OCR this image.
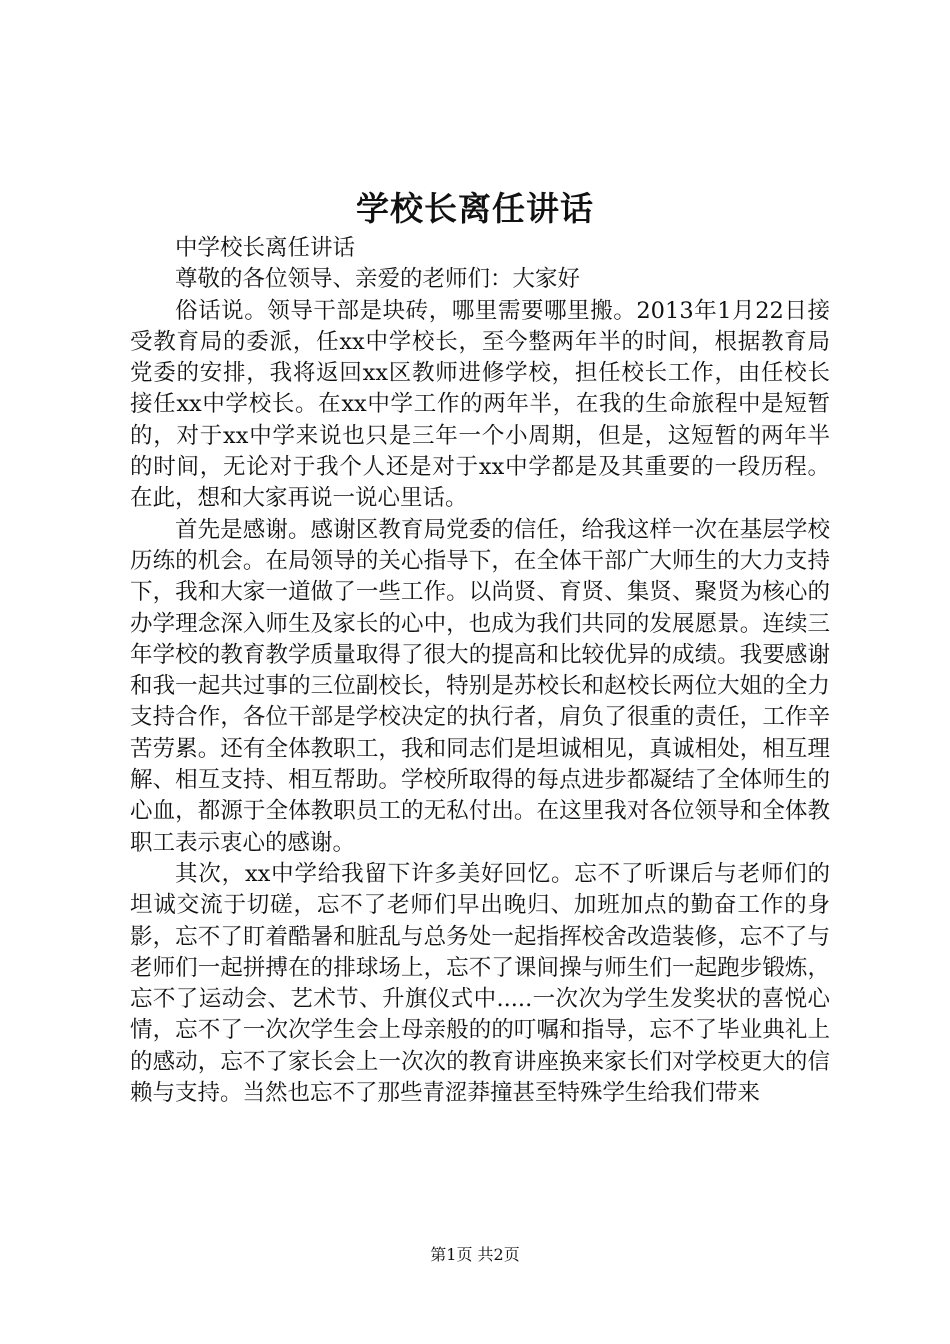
学校长离任讲话

中学校长离任讲话

尊敬的各位领导、亲爱的老师们：大家好

俗话说。领导干部是块砖，哪里需要哪里搬。2013年1月22日接受教育局的委派，任xx中学校长，至今整两年半的时间，根据教育局党委的安排，我将返回xx区教师进修学校，担任校长工作，由任校长接任xx中学校长。在xx中学工作的两年半，在我的生命旅程中是短暂的，对于xx中学来说也只是三年一个小周期，但是，这短暂的两年半的时间，无论对于我个人还是对于xx中学都是及其重要的一段历程。在此，想和大家再说一说心里话。

首先是感谢。感谢区教育局党委的信任，给我这样一次在基层学校历练的机会。在局领导的关心指导下，在全体干部广大师生的大力支持下，我和大家一道做了一些工作。以尚贤、育贤、集贤、聚贤为核心的办学理念深入师生及家长的心中，也成为我们共同的发展愿景。连续三年学校的教育教学质量取得了很大的提高和比较优异的成绩。我要感谢和我一起共过事的三位副校长，特别是苏校长和赵校长两位大姐的全力支持合作，各位干部是学校决定的执行者，肩负了很重的责任，工作辛苦劳累。还有全体教职工，我和同志们是坦诚相见，真诚相处，相互理解、相互支持、相互帮助。学校所取得的每点进步都凝结了全体师生的心血，都源于全体教职员工的无私付出。在这里我对各位领导和全体教职工表示衷心的感谢。

其次，xx中学给我留下许多美好回忆。忘不了听课后与老师们的坦诚交流于切磋，忘不了老师们早出晚归、加班加点的勤奋工作的身影，忘不了盯着酷暑和脏乱与总务处一起指挥校舍改造装修，忘不了与老师们一起拼搏在的排球场上，忘不了课间操与师生们一起跑步锻炼，忘不了运动会、艺术节、升旗仪式中.....一次次为学生发奖状的喜悦心情，忘不了一次次学生会上母亲般的的叮嘱和指导，忘不了毕业典礼上的感动，忘不了家长会上一次次的教育讲座换来家长们对学校更大的信赖与支持。当然也忘不了那些青涩莽撞甚至特殊学生给我们带来

第1页 共2页
